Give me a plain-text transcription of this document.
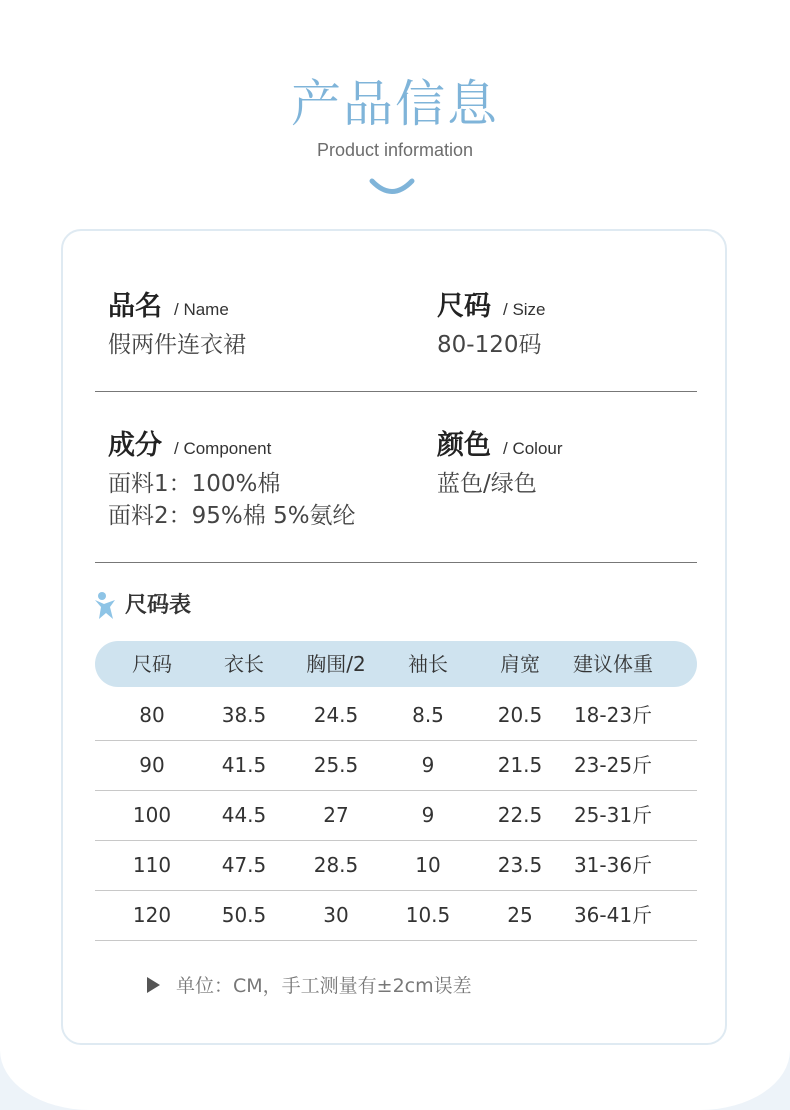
产品信息
Product information
品名 / Name
假两件连衣裙
尺码 / Size
80-120码
成分 / Component
面料1：100%棉
面料2：95%棉 5%氨纶
颜色 / Colour
蓝色/绿色
尺码表
尺码	衣长	胸围/2	袖长	肩宽	建议体重
80	38.5	24.5	8.5	20.5	18-23斤
90	41.5	25.5	9	21.5	23-25斤
100	44.5	27	9	22.5	25-31斤
110	47.5	28.5	10	23.5	31-36斤
120	50.5	30	10.5	25	36-41斤
单位：CM，手工测量有±2cm误差
